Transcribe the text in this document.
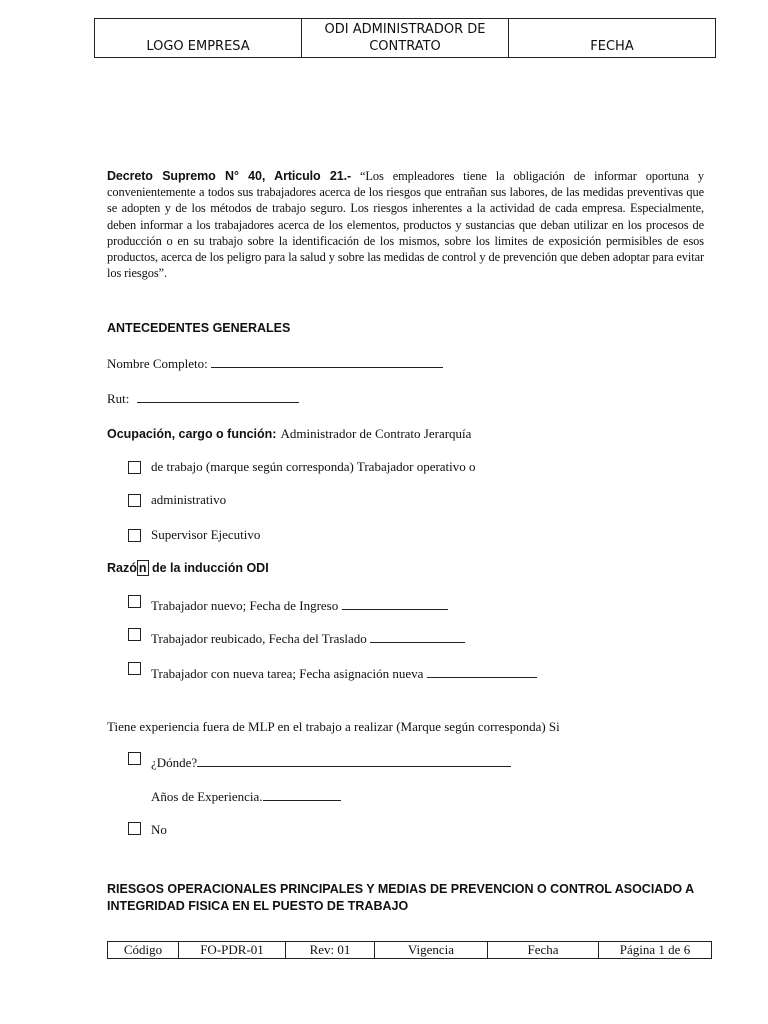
LOGO EMPRESA	ODI ADMINISTRADOR DE CONTRATO	FECHA
Decreto Supremo N° 40, Articulo 21.- “Los empleadores tiene la obligación de informar oportuna y convenientemente a todos sus trabajadores acerca de los riesgos que entrañan sus labores, de las medidas preventivas que se adopten y de los métodos de trabajo seguro. Los riesgos inherentes a la actividad de cada empresa. Especialmente, deben informar a los trabajadores acerca de los elementos, productos y sustancias que deban utilizar en los procesos de producción o en su trabajo sobre la identificación de los mismos, sobre los limites de exposición permisibles de esos productos, acerca de los peligro para la salud y sobre las medidas de control y de prevención que deben adoptar para evitar los riesgos”.
ANTECEDENTES GENERALES
Nombre Completo:
Rut:
Ocupación, cargo o función: Administrador de Contrato Jerarquía
de trabajo (marque según corresponda) Trabajador operativo o
administrativo
Supervisor Ejecutivo
Razó n de la inducción ODI
Trabajador nuevo; Fecha de Ingreso
Trabajador reubicado, Fecha del Traslado
Trabajador con nueva tarea; Fecha asignación nueva
Tiene experiencia fuera de MLP en el trabajo a realizar (Marque según corresponda) Si
¿Dónde?
Años de Experiencia.
No
RIESGOS OPERACIONALES PRINCIPALES Y MEDIAS DE PREVENCION O CONTROL ASOCIADO A
INTEGRIDAD FISICA EN EL PUESTO DE TRABAJO
Código	FO-PDR-01	Rev: 01	Vigencia	Fecha	Página 1 de 6
